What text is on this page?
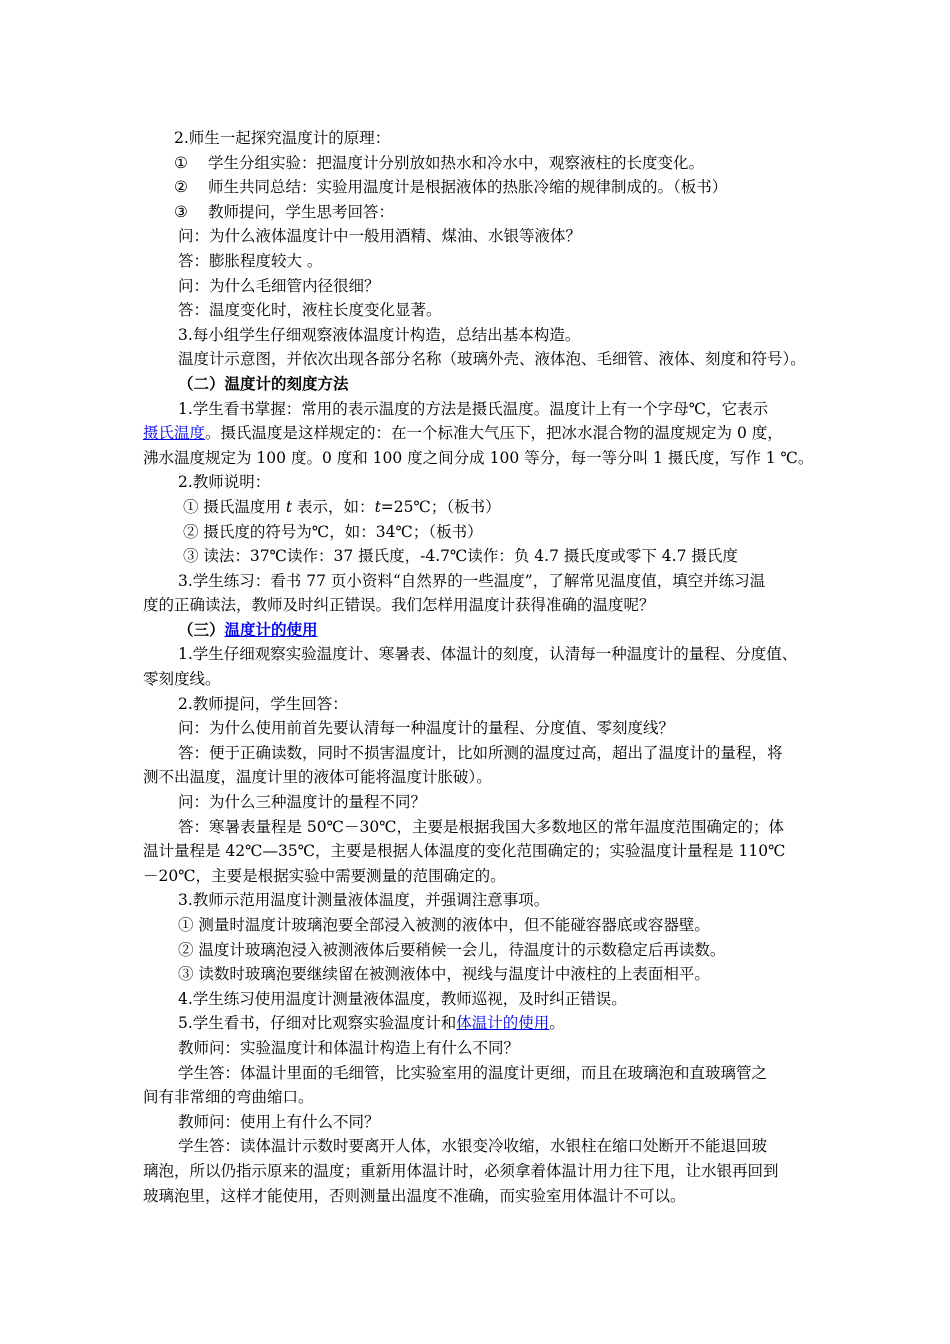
2.师生一起探究温度计的原理：
① 学生分组实验：把温度计分别放如热水和冷水中，观察液柱的长度变化。
② 师生共同总结：实验用温度计是根据液体的热胀冷缩的规律制成的。（板书）
③ 教师提问，学生思考回答：
问：为什么液体温度计中一般用酒精、煤油、水银等液体？
答：膨胀程度较大 。
问：为什么毛细管内径很细？
答：温度变化时，液柱长度变化显著。
3.每小组学生仔细观察液体温度计构造，总结出基本构造。
温度计示意图，并依次出现各部分名称（玻璃外壳、液体泡、毛细管、液体、刻度和符号）。
（二）温度计的刻度方法
1.学生看书掌握：常用的表示温度的方法是摄氏温度。温度计上有一个字母℃，它表示
摄氏温度。摄氏温度是这样规定的：在一个标准大气压下，把冰水混合物的温度规定为 0 度，
沸水温度规定为 100 度。0 度和 100 度之间分成 100 等分，每一等分叫 1 摄氏度，写作 1 ℃。
2.教师说明：
① 摄氏温度用 t 表示，如：t=25℃；（板书）
② 摄氏度的符号为℃，如：34℃；（板书）
③ 读法：37℃读作：37 摄氏度，-4.7℃读作：负 4.7 摄氏度或零下 4.7 摄氏度
3.学生练习：看书 77 页小资料“自然界的一些温度”，了解常见温度值，填空并练习温
度的正确读法，教师及时纠正错误。我们怎样用温度计获得准确的温度呢？
（三）温度计的使用
1.学生仔细观察实验温度计、寒暑表、体温计的刻度，认清每一种温度计的量程、分度值、
零刻度线。
2.教师提问，学生回答：
问：为什么使用前首先要认清每一种温度计的量程、分度值、零刻度线？
答：便于正确读数，同时不损害温度计，比如所测的温度过高，超出了温度计的量程，将
测不出温度，温度计里的液体可能将温度计胀破）。
问：为什么三种温度计的量程不同？
答：寒暑表量程是 50℃－30℃，主要是根据我国大多数地区的常年温度范围确定的；体
温计量程是 42℃—35℃，主要是根据人体温度的变化范围确定的；实验温度计量程是 110℃
－20℃，主要是根据实验中需要测量的范围确定的。
3.教师示范用温度计测量液体温度，并强调注意事项。
① 测量时温度计玻璃泡要全部浸入被测的液体中，但不能碰容器底或容器壁。
② 温度计玻璃泡浸入被测液体后要稍候一会儿，待温度计的示数稳定后再读数。
③ 读数时玻璃泡要继续留在被测液体中，视线与温度计中液柱的上表面相平。
4.学生练习使用温度计测量液体温度，教师巡视，及时纠正错误。
5.学生看书，仔细对比观察实验温度计和体温计的使用。
教师问：实验温度计和体温计构造上有什么不同？
学生答：体温计里面的毛细管，比实验室用的温度计更细，而且在玻璃泡和直玻璃管之
间有非常细的弯曲缩口。
教师问：使用上有什么不同？
学生答：读体温计示数时要离开人体，水银变冷收缩，水银柱在缩口处断开不能退回玻
璃泡，所以仍指示原来的温度；重新用体温计时，必须拿着体温计用力往下甩，让水银再回到
玻璃泡里，这样才能使用，否则测量出温度不准确，而实验室用体温计不可以。
